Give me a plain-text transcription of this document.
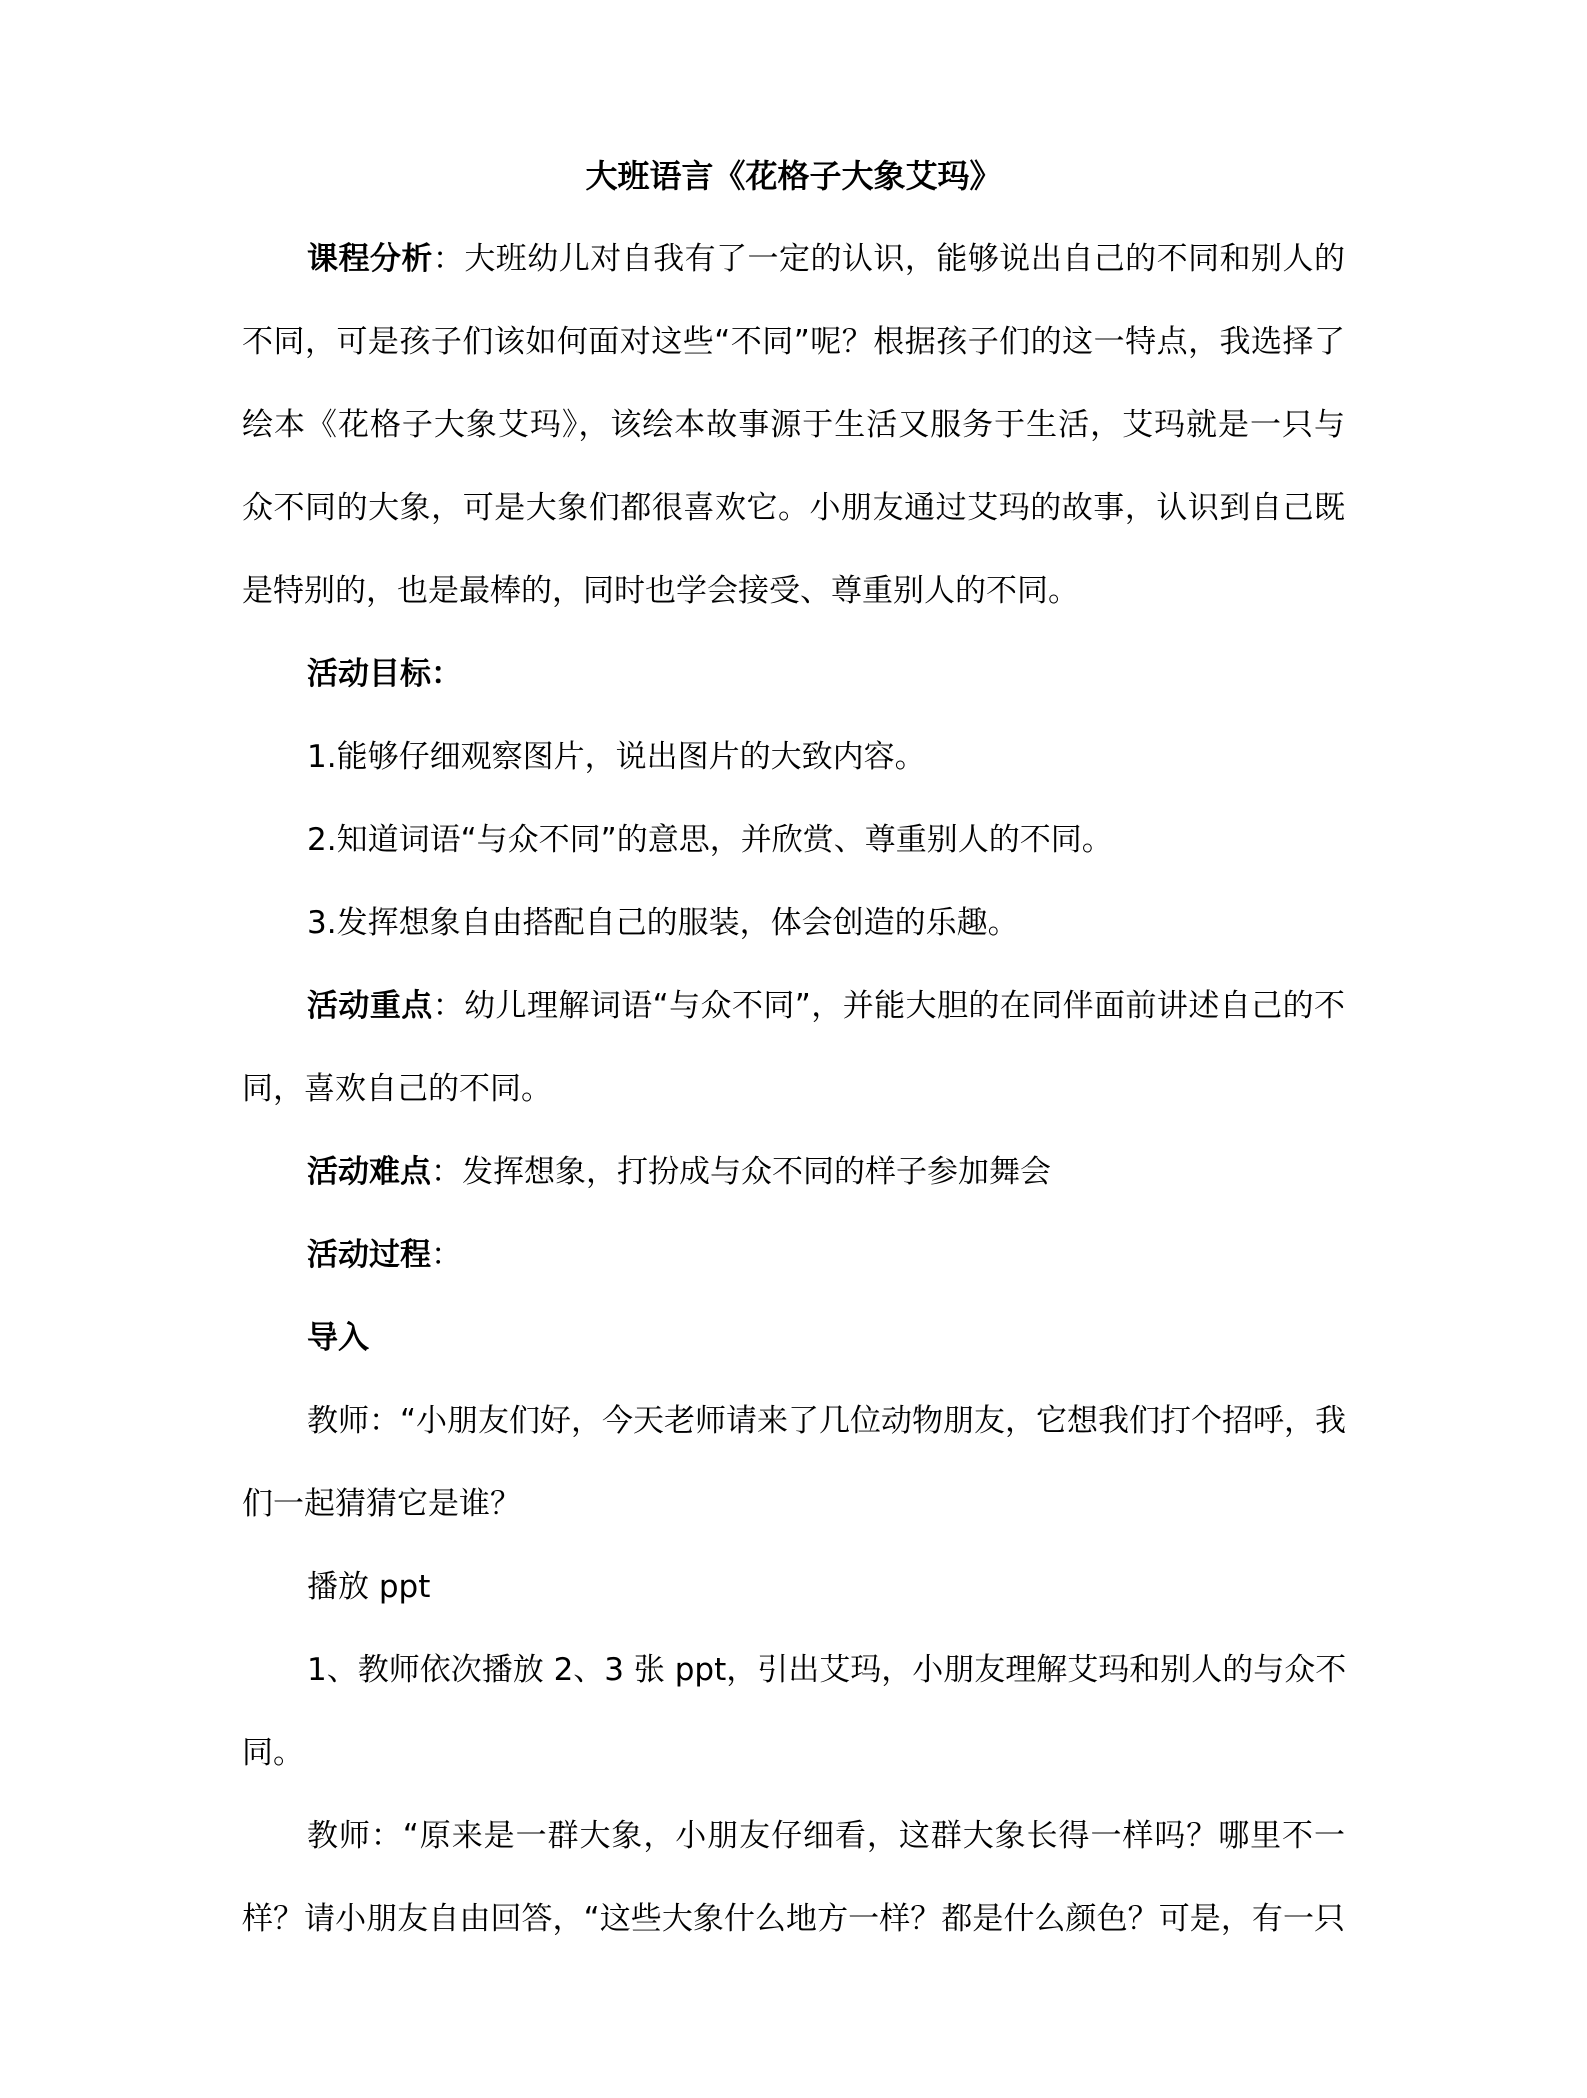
大班语言《花格子大象艾玛》
课程分析：大班幼儿对自我有了一定的认识，能够说出自己的不同和别人的
不同，可是孩子们该如何面对这些“不同”呢？根据孩子们的这一特点，我选择了
绘本《花格子大象艾玛》，该绘本故事源于生活又服务于生活，艾玛就是一只与
众不同的大象，可是大象们都很喜欢它。小朋友通过艾玛的故事，认识到自己既
是特别的，也是最棒的，同时也学会接受、尊重别人的不同。
活动目标：
1.能够仔细观察图片，说出图片的大致内容。
2.知道词语“与众不同”的意思，并欣赏、尊重别人的不同。
3.发挥想象自由搭配自己的服装，体会创造的乐趣。
活动重点：幼儿理解词语“与众不同”，并能大胆的在同伴面前讲述自己的不
同，喜欢自己的不同。
活动难点：发挥想象，打扮成与众不同的样子参加舞会
活动过程：
导入
教师：“小朋友们好，今天老师请来了几位动物朋友，它想我们打个招呼，我
们一起猜猜它是谁？
播放 ppt
1、教师依次播放 2、3 张 ppt，引出艾玛，小朋友理解艾玛和别人的与众不
同。
教师：“原来是一群大象，小朋友仔细看，这群大象长得一样吗？哪里不一
样？请小朋友自由回答，“这些大象什么地方一样？都是什么颜色？可是，有一只
